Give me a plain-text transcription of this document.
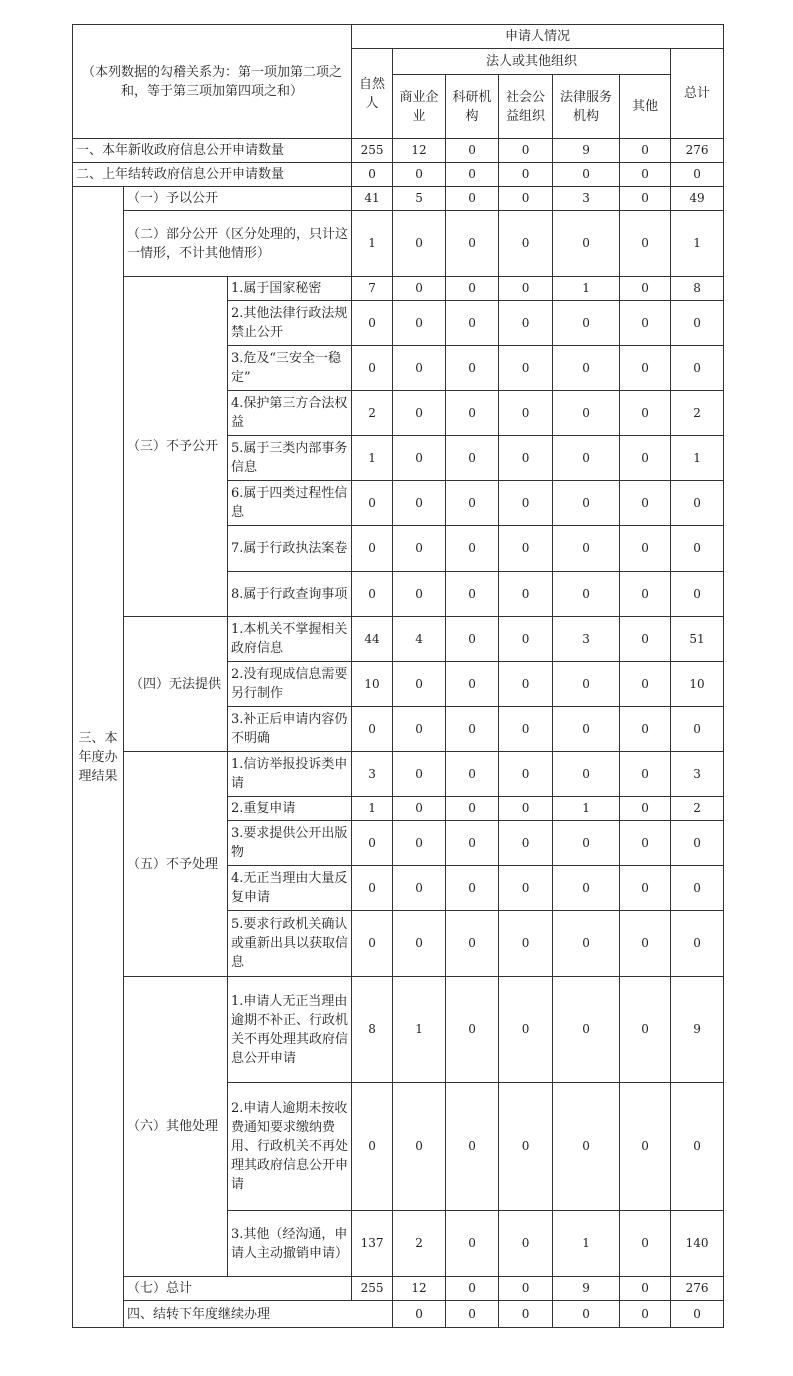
（本列数据的勾稽关系为：第一项加第二项之和，等于第三项加第四项之和）			申请人情况							
			自然人	法人或其他组织					总计	
				商业企业	科研机构	社会公益组织	法律服务机构	其他		
一、本年新收政府信息公开申请数量			255	12	0	0	9	0	276	
二、上年结转政府信息公开申请数量			0	0	0	0	0	0	0	
三、本年度办理结果	（一）予以公开		41	5	0	0	3	0	49	
	（二）部分公开（区分处理的，只计这一情形，不计其他情形）		1	0	0	0	0	0	1	
	（三）不予公开	1.属于国家秘密	7	0	0	0	1	0	8	
		2.其他法律行政法规禁止公开	0	0	0	0	0	0	0	
		3.危及“三安全一稳定”	0	0	0	0	0	0	0	
		4.保护第三方合法权益	2	0	0	0	0	0	2	
		5.属于三类内部事务信息	1	0	0	0	0	0	1	
		6.属于四类过程性信息	0	0	0	0	0	0	0	
		7.属于行政执法案卷	0	0	0	0	0	0	0	
		8.属于行政查询事项	0	0	0	0	0	0	0	
	（四）无法提供	1.本机关不掌握相关政府信息	44	4	0	0	3	0	51	
		2.没有现成信息需要另行制作	10	0	0	0	0	0	10	
		3.补正后申请内容仍不明确	0	0	0	0	0	0	0	
	（五）不予处理	1.信访举报投诉类申请	3	0	0	0	0	0	3	
		2.重复申请	1	0	0	0	1	0	2	
		3.要求提供公开出版物	0	0	0	0	0	0	0	
		4.无正当理由大量反复申请	0	0	0	0	0	0	0	
		5.要求行政机关确认或重新出具以获取信息	0	0	0	0	0	0	0	
	（六）其他处理	1.申请人无正当理由逾期不补正、行政机关不再处理其政府信息公开申请	8	1	0	0	0	0	9	
		2.申请人逾期未按收费通知要求缴纳费用、行政机关不再处理其政府信息公开申请	0	0	0	0	0	0	0	
		3.其他（经沟通，申请人主动撤销申请）	137	2	0	0	1	0	140	
	（七）总计		255	12	0	0	9	0	276	
	四、结转下年度继续办理			0	0	0	0	0	0	
